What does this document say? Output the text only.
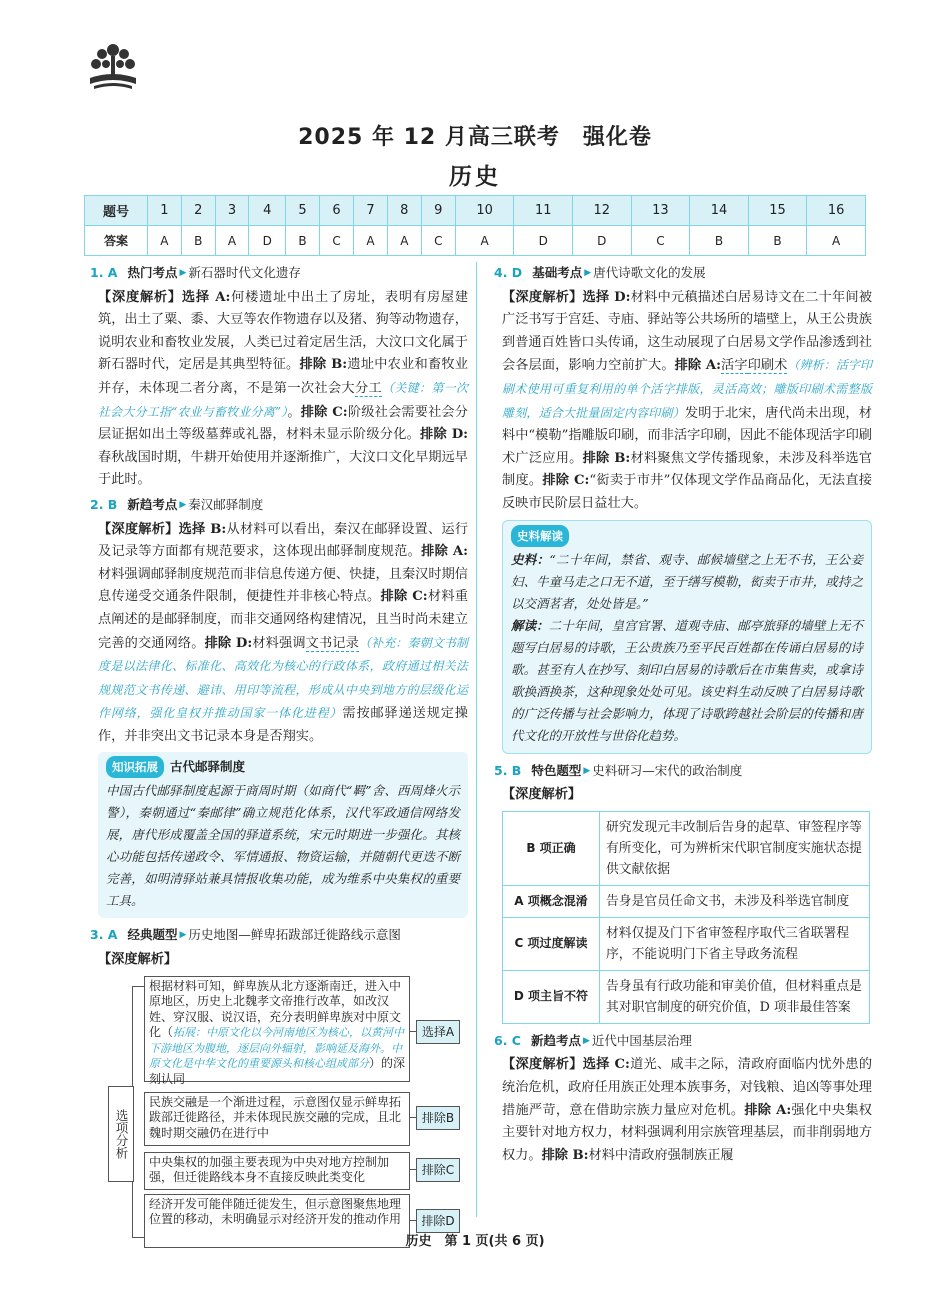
2025 年 12 月高三联考　强化卷
历史
题号	1	2	3	4	5	6	7	8	9	10	11	12	13	14	15	16
答案	A	B	A	D	B	C	A	A	C	A	D	D	C	B	B	A
1. A 热门考点 ▶ 新石器时代文化遗存

【深度解析】选择 A:何楼遗址中出土了房址，表明有房屋建筑，出土了粟、黍、大豆等农作物遗存以及猪、狗等动物遗存，说明农业和畜牧业发展，人类已过着定居生活，大汶口文化属于新石器时代，定居是其典型特征。排除 B:遗址中农业和畜牧业并存，未体现二者分离，不是第一次社会大分工（关键：第一次社会大分工指“农业与畜牧业分离”）。排除 C:阶级社会需要社会分层证据如出土等级墓葬或礼器，材料未显示阶级分化。排除 D:春秋战国时期，牛耕开始使用并逐渐推广，大汶口文化早期远早于此时。

2. B 新趋考点 ▶ 秦汉邮驿制度

【深度解析】选择 B:从材料可以看出，秦汉在邮驿设置、运行及记录等方面都有规范要求，这体现出邮驿制度规范。排除 A:材料强调邮驿制度规范而非信息传递方便、快捷，且秦汉时期信息传递受交通条件限制，便捷性并非核心特点。排除 C:材料重点阐述的是邮驿制度，而非交通网络构建情况，且当时尚未建立完善的交通网络。排除 D:材料强调文书记录（补充：秦朝文书制度是以法律化、标准化、高效化为核心的行政体系，政府通过相关法规规范文书传递、避讳、用印等流程，形成从中央到地方的层级化运作网络，强化皇权并推动国家一体化进程）需按邮驿递送规定操作，并非突出文书记录本身是否翔实。

知识拓展 古代邮驿制度

中国古代邮驿制度起源于商周时期（如商代“羁”舍、西周烽火示警），秦朝通过“秦邮律”确立规范化体系，汉代军政通信网络发展，唐代形成覆盖全国的驿道系统，宋元时期进一步强化。其核心功能包括传递政令、军情通报、物资运输，并随朝代更迭不断完善，如明清驿站兼具情报收集功能，成为维系中央集权的重要工具。

3. A 经典题型 ▶ 历史地图—鲜卑拓跋部迁徙路线示意图

【深度解析】

选项分析
根据材料可知，鲜卑族从北方逐渐南迁，进入中原地区，历史上北魏孝文帝推行改革，如改汉姓、穿汉服、说汉语，充分表明鲜卑族对中原文化（拓展：中原文化以今河南地区为核心，以黄河中下游地区为腹地，逐层向外辐射，影响延及海外。中原文化是中华文化的重要源头和核心组成部分）的深刻认同
选择A
民族交融是一个渐进过程，示意图仅显示鲜卑拓跋部迁徙路径，并未体现民族交融的完成，且北魏时期交融仍在进行中
排除B
中央集权的加强主要表现为中央对地方控制加强，但迁徙路线本身不直接反映此类变化
排除C
经济开发可能伴随迁徙发生，但示意图聚焦地理位置的移动，未明确显示对经济开发的推动作用	排除D
4. D 基础考点 ▶ 唐代诗歌文化的发展

【深度解析】选择 D:材料中元稹描述白居易诗文在二十年间被广泛书写于宫廷、寺庙、驿站等公共场所的墙壁上，从王公贵族到普通百姓皆口头传诵，这生动展现了白居易文学作品渗透到社会各层面，影响力空前扩大。排除 A:活字印刷术（辨析：活字印刷术使用可重复利用的单个活字排版，灵活高效；雕版印刷术需整版雕刻，适合大批量固定内容印刷）发明于北宋，唐代尚未出现，材料中“模勒”指雕版印刷，而非活字印刷，因此不能体现活字印刷术广泛应用。排除 B:材料聚焦文学传播现象，未涉及科举选官制度。排除 C:“衒卖于市井”仅体现文学作品商品化，无法直接反映市民阶层日益壮大。

史料解读

史料：“二十年间，禁省、观寺、邮候墙壁之上无不书，王公妾妇、牛童马走之口无不道，至于缮写模勒，衒卖于市井，或持之以交酒茗者，处处皆是。”

解读：二十年间，皇宫官署、道观寺庙、邮亭旅驿的墙壁上无不题写白居易的诗歌，王公贵族乃至平民百姓都在传诵白居易的诗歌。甚至有人在抄写、刻印白居易的诗歌后在市集售卖，或拿诗歌换酒换茶，这种现象处处可见。该史料生动反映了白居易诗歌的广泛传播与社会影响力，体现了诗歌跨越社会阶层的传播和唐代文化的开放性与世俗化趋势。

5. B 特色题型 ▶ 史料研习—宋代的政治制度

【深度解析】

B 项正确	研究发现元丰改制后告身的起草、审签程序等有所变化，可为辨析宋代职官制度实施状态提供文献依据
A 项概念混淆	告身是官员任命文书，未涉及科举选官制度
C 项过度解读	材料仅提及门下省审签程序取代三省联署程序，不能说明门下省主导政务流程
D 项主旨不符	告身虽有行政功能和审美价值，但材料重点是其对职官制度的研究价值，D 项非最佳答案
6. C 新趋考点 ▶ 近代中国基层治理

【深度解析】选择 C:道光、咸丰之际，清政府面临内忧外患的统治危机，政府任用族正处理本族事务，对钱粮、追凶等事处理措施严苛，意在借助宗族力量应对危机。排除 A:强化中央集权主要针对地方权力，材料强调利用宗族管理基层，而非削弱地方权力。排除 B:材料中清政府强制族正履

历史　第 1 页(共 6 页)
